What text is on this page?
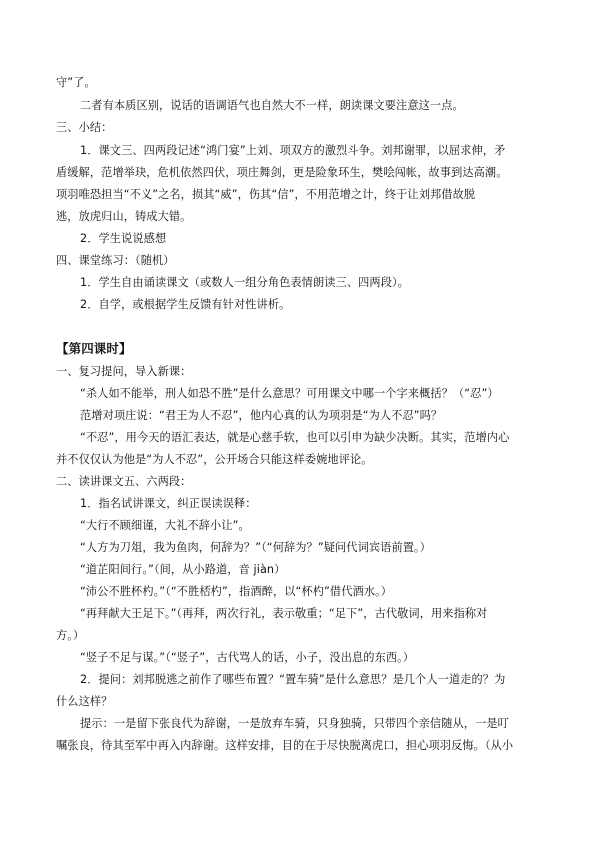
守”了。
二者有本质区别，说话的语调语气也自然大不一样，朗读课文要注意这一点。
三、小结：
1．课文三、四两段记述“鸿门宴”上刘、项双方的激烈斗争。刘邦谢罪，以屈求伸，矛
盾缓解，范增举玦，危机依然四伏，项庄舞剑，更是险象环生，樊哙闯帐，故事到达高潮。
项羽唯恐担当“不义”之名，损其“威”，伤其“信”，不用范增之计，终于让刘邦借故脱
逃，放虎归山，铸成大错。
2．学生说说感想
四、课堂练习：（随机）
1．学生自由诵读课文（或数人一组分角色表情朗读三、四两段）。
2．自学，或根据学生反馈有针对性讲析。
【第四课时】
一、复习提问，导入新课：
“杀人如不能举，刑人如恐不胜”是什么意思？可用课文中哪一个字来概括？（“忍”）
范增对项庄说：“君王为人不忍”，他内心真的认为项羽是“为人不忍”吗？
“不忍”，用今天的语汇表达，就是心慈手软，也可以引申为缺少决断。其实，范增内心
并不仅仅认为他是“为人不忍”，公开场合只能这样委婉地评论。
二、读讲课文五、六两段：
1．指名试讲课文，纠正误读误释：
“大行不顾细谨，大礼不辞小让”。
“人方为刀俎，我为鱼肉，何辞为？”（“何辞为？”疑问代词宾语前置。）
“道芷阳间行。”（间，从小路道，音 jiàn）
“沛公不胜杯杓。”（“不胜桮杓”，指酒醉，以“杯杓”借代酒水。）
“再拜献大王足下。”（再拜，两次行礼，表示敬重；“足下”，古代敬词，用来指称对
方。）
“竖子不足与谋。”（“竖子”，古代骂人的话，小子，没出息的东西。）
2．提问：刘邦脱逃之前作了哪些布置？“置车骑”是什么意思？是几个人一道走的？为
什么这样？
提示：一是留下张良代为辞谢，一是放弃车骑，只身独骑，只带四个亲信随从，一是叮
嘱张良，待其至军中再入内辞谢。这样安排，目的在于尽快脱离虎口，担心项羽反悔。（从小
